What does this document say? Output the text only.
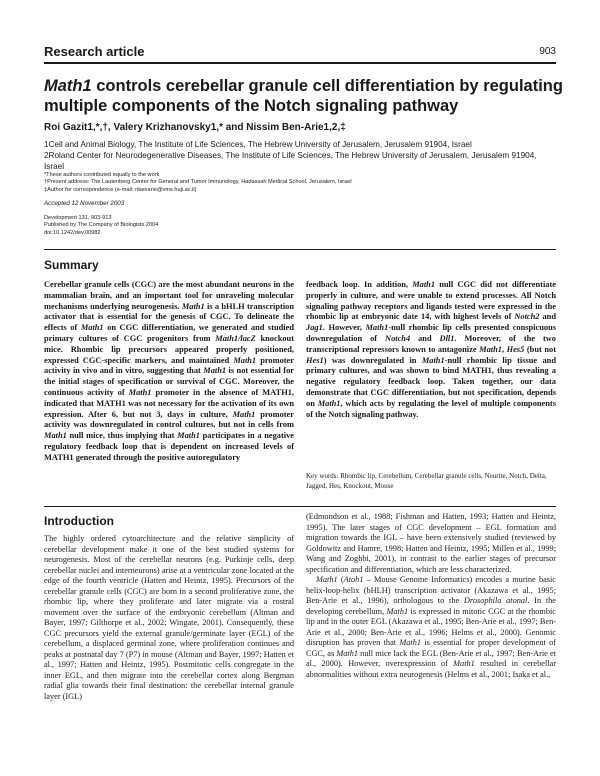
Research article	903
Math1 controls cerebellar granule cell differentiation by regulating multiple components of the Notch signaling pathway
Roi Gazit1,*,†, Valery Krizhanovsky1,* and Nissim Ben-Arie1,2,‡
1Cell and Animal Biology, The Institute of Life Sciences, The Hebrew University of Jerusalem, Jerusalem 91904, Israel
2Roland Center for Neurodegenerative Diseases, The Institute of Life Sciences, The Hebrew University of Jerusalem, Jerusalem 91904, Israel
*These authors contributed equally to the work
†Present address: The Lautenberg Center for General and Tumor Immunology, Hadassah Medical School, Jerusalem, Israel
‡Author for correspondence (e-mail: nbenarie@vms.huji.ac.il)
Accepted 12 November 2003
Development 131, 903-913
Published by The Company of Biologists 2004
doi:10.1242/dev.00982
Summary

Cerebellar granule cells (CGC) are the most abundant neurons in the mammalian brain, and an important tool for unraveling molecular mechanisms underlying neurogenesis. Math1 is a bHLH transcription activator that is essential for the genesis of CGC. To delineate the effects of Math1 on CGC differentiation, we generated and studied primary cultures of CGC progenitors from Math1/lacZ knockout mice. Rhombic lip precursors appeared properly positioned, expressed CGC-specific markers, and maintained Math1 promoter activity in vivo and in vitro, suggesting that Math1 is not essential for the initial stages of specification or survival of CGC. Moreover, the continuous activity of Math1 promoter in the absence of MATH1, indicated that MATH1 was not necessary for the activation of its own expression. After 6, but not 3, days in culture, Math1 promoter activity was downregulated in control cultures, but not in cells from Math1 null mice, thus implying that Math1 participates in a negative regulatory feedback loop that is dependent on increased levels of MATH1 generated through the positive autoregulatory

feedback loop. In addition, Math1 null CGC did not differentiate properly in culture, and were unable to extend processes. All Notch signaling pathway receptors and ligands tested were expressed in the rhombic lip at embryonic date 14, with highest levels of Notch2 and Jag1. However, Math1-null rhombic lip cells presented conspicuous downregulation of Notch4 and Dll1. Moreover, of the two transcriptional repressors known to antagonize Math1, Hes5 (but not Hes1) was downregulated in Math1-null rhombic lip tissue and primary cultures, and was shown to bind MATH1, thus revealing a negative regulatory feedback loop. Taken together, our data demonstrate that CGC differentiation, but not specification, depends on Math1, which acts by regulating the level of multiple components of the Notch signaling pathway.

Key words: Rhombic lip, Cerebellum, Cerebellar granule cells, Neurite, Notch, Delta, Jagged, Hes, Knockout, Mouse
Introduction

The highly ordered cytoarchitecture and the relative simplicity of cerebellar development make it one of the best studied systems for neurogenesis. Most of the cerebellar neurons (e.g. Purkinje cells, deep cerebellar nuclei and interneurons) arise at a ventricular zone located at the edge of the fourth ventricle (Hatten and Heintz, 1995). Precursors of the cerebellar granule cells (CGC) are born in a second proliferative zone, the rhombic lip, where they proliferate and later migrate via a rostral movement over the surface of the embryonic cerebellum (Altman and Bayer, 1997; Gilthorpe et al., 2002; Wingate, 2001). Consequently, these CGC precursors yield the external granule/germinate layer (EGL) of the cerebellum, a displaced germinal zone, where proliferation continues and peaks at postnatal day 7 (P7) in mouse (Altman and Bayer, 1997; Hatten et al., 1997; Hatten and Heintz, 1995). Postmitotic cells congregate in the inner EGL, and then migrate into the cerebellar cortex along Bergman radial glia towards their final destination: the cerebellar internal granule layer (IGL)

(Edmondson et al., 1988; Fishman and Hatten, 1993; Hatten and Heintz, 1995). The later stages of CGC development – EGL formation and migration towards the IGL – have been extensively studied (reviewed by Goldowitz and Hamre, 1998; Hatten and Heintz, 1995; Millen et al., 1999; Wang and Zoghbi, 2001), in contrast to the earlier stages of precursor specification and differentiation, which are less characterized.

Math1 (Atoh1 – Mouse Genome Informatics) encodes a murine basic helix-loop-helix (bHLH) transcription activator (Akazawa et al., 1995; Ben-Arie et al., 1996), orthologous to the Drosophila atonal. In the developing cerebellum, Math1 is expressed in mitotic CGC at the rhombic lip and in the outer EGL (Akazawa et al., 1995; Ben-Arie et al., 1997; Ben-Arie et al., 2000; Ben-Arie et al., 1996; Helms et al., 2000). Genomic disruption has proven that Math1 is essential for proper development of CGC, as Math1 null mice lack the EGL (Ben-Arie et al., 1997; Ben-Arie et al., 2000). However, overexpression of Math1 resulted in cerebellar abnormalities without extra neurogenesis (Helms et al., 2001; Isaka et al.,
